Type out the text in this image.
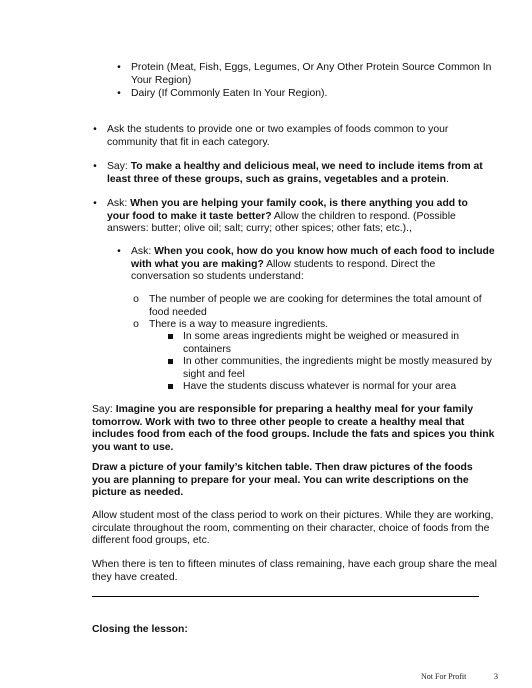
• Protein (Meat, Fish, Eggs, Legumes, Or Any Other Protein Source Common In Your Region)
• Dairy (If Commonly Eaten In Your Region).
• Ask the students to provide one or two examples of foods common to your community that fit in each category.
• Say: To make a healthy and delicious meal, we need to include items from at least three of these groups, such as grains, vegetables and a protein.
• Ask: When you are helping your family cook, is there anything you add to your food to make it taste better? Allow the children to respond. (Possible answers: butter; olive oil; salt; curry; other spices; other fats; etc.).,
• Ask: When you cook, how do you know how much of each food to include with what you are making? Allow students to respond. Direct the conversation so students understand:
o The number of people we are cooking for determines the total amount of food needed
o There is a way to measure ingredients.
In some areas ingredients might be weighed or measured in containers
In other communities, the ingredients might be mostly measured by sight and feel
Have the students discuss whatever is normal for your area
Say: Imagine you are responsible for preparing a healthy meal for your family tomorrow. Work with two to three other people to create a healthy meal that includes food from each of the food groups. Include the fats and spices you think you want to use.
Draw a picture of your family’s kitchen table. Then draw pictures of the foods you are planning to prepare for your meal. You can write descriptions on the picture as needed.
Allow student most of the class period to work on their pictures. While they are working, circulate throughout the room, commenting on their character, choice of foods from the different food groups, etc.
When there is ten to fifteen minutes of class remaining, have each group share the meal they have created.
Closing the lesson:
Not For Profit	3
